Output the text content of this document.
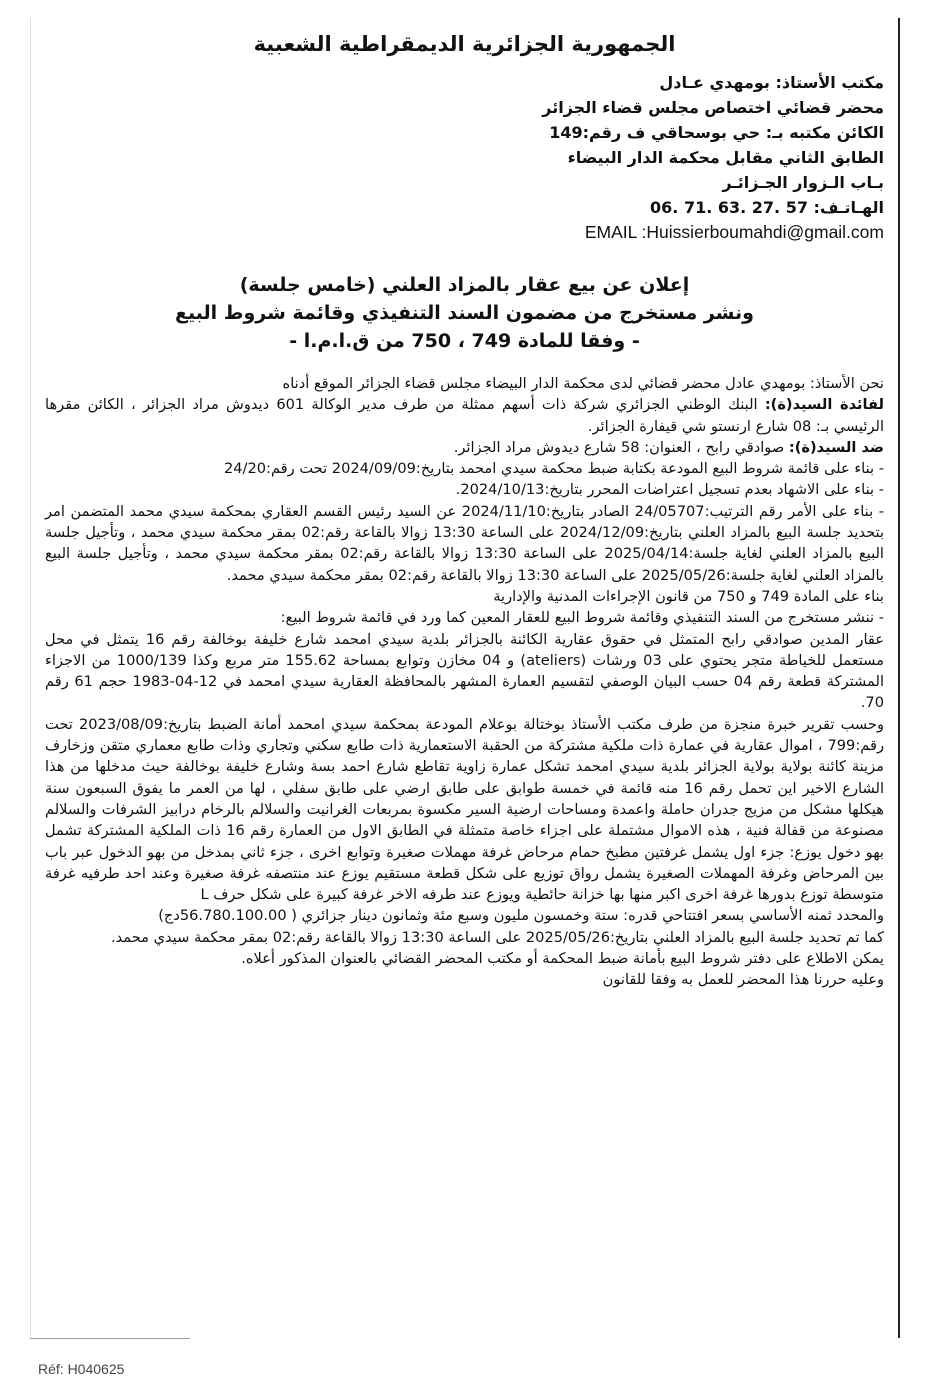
الجمهورية الجزائرية الديمقراطية الشعبية
مكتب الأستاذ: بومهدي عـادل
محضر قضائي اختصاص مجلس قضاء الجزائر
الكائن مكتبه بـ: حي بوسحاقي ف رقم:149
الطابق الثاني مقابل محكمة الدار البيضاء
بـاب الـزوار الجـزائـر
الهـاتـف: 57 .27 .63 .71 .06
EMAIL :Huissierboumahdi@gmail.com
إعلان عن بيع عقار بالمزاد العلني (خامس جلسة)
ونشر مستخرج من مضمون السند التنفيذي وقائمة شروط البيع
- وفقا للمادة 749 ، 750 من ق.ا.م.ا -

نحن الأستاذ: بومهدي عادل محضر قضائي لدى محكمة الدار البيضاء مجلس قضاء الجزائر الموقع أدناه

لفائدة السيد(ة): البنك الوطني الجزائري شركة ذات أسهم ممثلة من طرف مدير الوكالة 601 ديدوش مراد الجزائر ، الكائن مقرها الرئيسي بـ: 08 شارع ارنستو شي قيفارة الجزائر.

ضد السيد(ة): صوادقي رابح ، العنوان: 58 شارع ديدوش مراد الجزائر.

- بناء على قائمة شروط البيع المودعة بكتابة ضبط محكمة سيدي امحمد بتاريخ:2024/09/09 تحت رقم:24/20

- بناء على الاشهاد بعدم تسجيل اعتراضات المحرر بتاريخ:2024/10/13.

- بناء على الأمر رقم الترتيب:24/05707 الصادر بتاريخ:2024/11/10 عن السيد رئيس القسم العقاري بمحكمة سيدي محمد المتضمن امر بتحديد جلسة البيع بالمزاد العلني بتاريخ:2024/12/09 على الساعة 13:30 زوالا بالقاعة رقم:02 بمقر محكمة سيدي محمد ، وتأجيل جلسة البيع بالمزاد العلني لغاية جلسة:2025/04/14 على الساعة 13:30 زوالا بالقاعة رقم:02 بمقر محكمة سيدي محمد ، وتأجيل جلسة البيع بالمزاد العلني لغاية جلسة:2025/05/26 على الساعة 13:30 زوالا بالقاعة رقم:02 بمقر محكمة سيدي محمد.

بناء على المادة 749 و 750 من قانون الإجراءات المدنية والإدارية

- ننشر مستخرج من السند التنفيذي وقائمة شروط البيع للعقار المعين كما ورد في قائمة شروط البيع:

عقار المدين صوادقي رابح المتمثل في حقوق عقارية الكائنة بالجزائر بلدية سيدي امحمد شارع خليفة بوخالفة رقم 16 يتمثل في محل مستعمل للخياطة متجر يحتوي على 03 ورشات (ateliers) و 04 مخازن وتوابع بمساحة 155.62 متر مربع وكذا 1000/139 من الاجزاء المشتركة قطعة رقم 04 حسب البيان الوصفي لتقسيم العمارة المشهر بالمحافظة العقارية سيدي امحمد في 12-04-1983 حجم 61 رقم 70.

وحسب تقرير خبرة منجزة من طرف مكتب الأستاذ بوختالة بوعلام المودعة بمحكمة سيدي امحمد أمانة الضبط بتاريخ:2023/08/09 تحت رقم:799 ، اموال عقارية في عمارة ذات ملكية مشتركة من الحقبة الاستعمارية ذات طابع سكني وتجاري وذات طابع معماري متقن وزخارف مزينة كائنة بولاية بولاية الجزائر بلدية سيدي امحمد تشكل عمارة زاوية تقاطع شارع احمد بسة وشارع خليفة بوخالفة حيث مدخلها من هذا الشارع الاخير اين تحمل رقم 16 منه قائمة في خمسة طوابق على طابق ارضي على طابق سفلي ، لها من العمر ما يفوق السبعون سنة هيكلها مشكل من مزيج جدران حاملة واعمدة ومساحات ارضية السير مكسوة بمربعات الغرانيت والسلالم بالرخام درابيز الشرفات والسلالم مصنوعة من قفالة فنية ، هذه الاموال مشتملة على اجزاء خاصة متمثلة في الطابق الاول من العمارة رقم 16 ذات الملكية المشتركة تشمل بهو دخول يوزع: جزء اول يشمل غرفتين مطبخ حمام مرحاض غرفة مهملات صغيرة وتوابع اخرى ، جزء ثاني بمدخل من بهو الدخول عبر باب بين المرحاض وغرفة المهملات الصغيرة يشمل رواق توزيع على شكل قطعة مستقيم يوزع عند منتصفه غرفة صغيرة وعند احد طرفيه غرفة متوسطة توزع بدورها غرفة اخرى اكبر منها بها خزانة حائطية ويوزع عند طرفه الاخر غرفة كبيرة على شكل حرف L

والمحدد ثمنه الأساسي بسعر افتتاحي قدره: ستة وخمسون مليون وسبع مئة وثمانون دينار جزائري ( 56.780.100.00دج)

كما تم تحديد جلسة البيع بالمزاد العلني بتاريخ:2025/05/26 على الساعة 13:30 زوالا بالقاعة رقم:02 بمقر محكمة سيدي محمد.

يمكن الاطلاع على دفتر شروط البيع بأمانة ضبط المحكمة أو مكتب المحضر القضائي بالعنوان المذكور أعلاه.

وعليه حررنا هذا المحضر للعمل به وفقا للقانون

Réf: H040625
